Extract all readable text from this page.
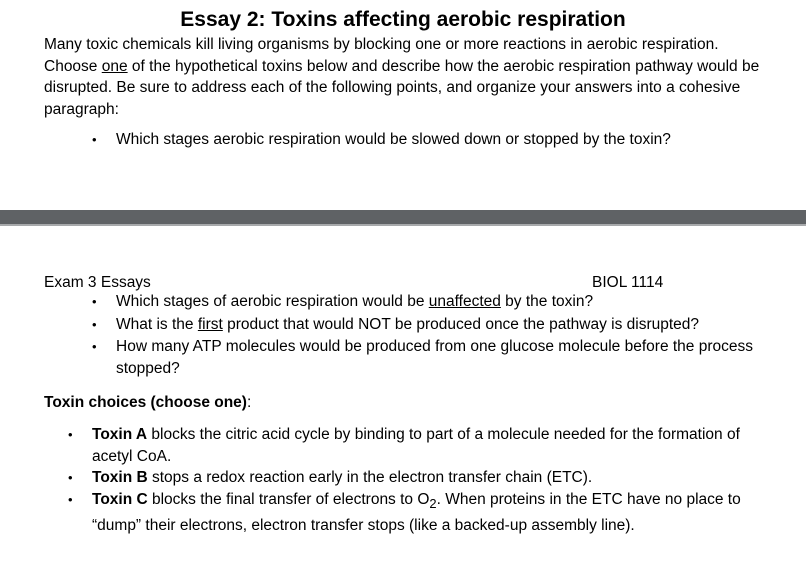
Essay 2: Toxins affecting aerobic respiration

Many toxic chemicals kill living organisms by blocking one or more reactions in aerobic respiration. Choose one of the hypothetical toxins below and describe how the aerobic respiration pathway would be disrupted. Be sure to address each of the following points, and organize your answers into a cohesive paragraph:

• Which stages aerobic respiration would be slowed down or stopped by the toxin?
Exam 3 Essays	BIOL 1114
• Which stages of aerobic respiration would be unaffected by the toxin?
• What is the first product that would NOT be produced once the pathway is disrupted?
• How many ATP molecules would be produced from one glucose molecule before the process stopped?
Toxin choices (choose one):
• Toxin A blocks the citric acid cycle by binding to part of a molecule needed for the formation of acetyl CoA.
• Toxin B stops a redox reaction early in the electron transfer chain (ETC).
• Toxin C blocks the final transfer of electrons to $O_2$. When proteins in the ETC have no place to “dump” their electrons, electron transfer stops (like a backed-up assembly line).
